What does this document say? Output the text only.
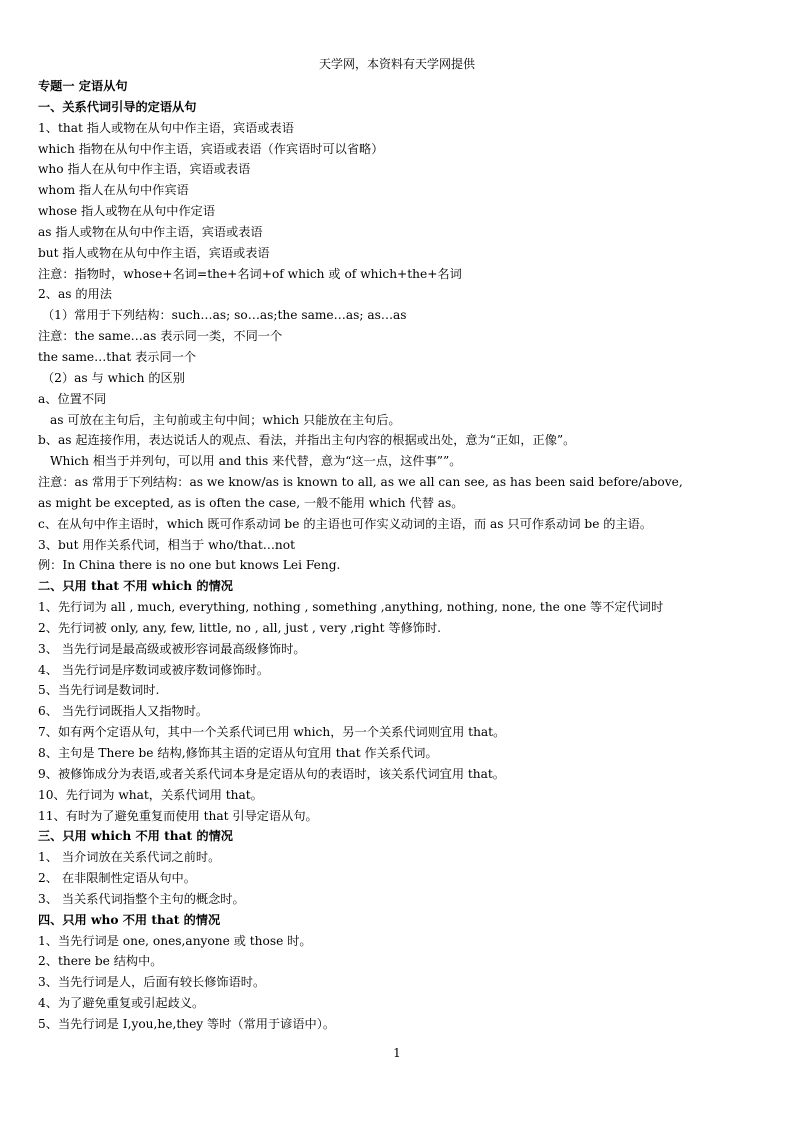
天学网，本资料有天学网提供
专题一 定语从句
一、关系代词引导的定语从句
1、that 指人或物在从句中作主语，宾语或表语
which 指物在从句中作主语，宾语或表语（作宾语时可以省略）
who 指人在从句中作主语，宾语或表语
whom 指人在从句中作宾语
whose 指人或物在从句中作定语
as 指人或物在从句中作主语，宾语或表语
but 指人或物在从句中作主语，宾语或表语
注意：指物时，whose+名词=the+名词+of which 或 of which+the+名词
2、as 的用法
（1）常用于下列结构：such…as; so…as;the same…as; as…as
注意：the same…as 表示同一类，不同一个
the same…that 表示同一个
（2）as 与 which 的区别
a、位置不同
as 可放在主句后，主句前或主句中间；which 只能放在主句后。
b、as 起连接作用，表达说话人的观点、看法，并指出主句内容的根据或出处，意为“正如，正像”。
Which 相当于并列句，可以用 and this 来代替，意为“这一点，这件事””。
注意：as 常用于下列结构：as we know/as is known to all, as we all can see, as has been said before/above,
as might be excepted, as is often the case, 一般不能用 which 代替 as。
c、在从句中作主语时，which 既可作系动词 be 的主语也可作实义动词的主语，而 as 只可作系动词 be 的主语。
3、but 用作关系代词，相当于 who/that…not
例：In China there is no one but knows Lei Feng.
二、只用 that 不用 which 的情况
1、先行词为 all , much, everything, nothing , something ,anything, nothing, none, the one 等不定代词时
2、先行词被 only, any, few, little, no , all, just , very ,right 等修饰时.
3、 当先行词是最高级或被形容词最高级修饰时。
4、 当先行词是序数词或被序数词修饰时。
5、当先行词是数词时.
6、 当先行词既指人又指物时。
7、如有两个定语从句，其中一个关系代词已用 which，另一个关系代词则宜用 that。
8、主句是 There be 结构,修饰其主语的定语从句宜用 that 作关系代词。
9、被修饰成分为表语,或者关系代词本身是定语从句的表语时，该关系代词宜用 that。
10、先行词为 what，关系代词用 that。
11、有时为了避免重复而使用 that 引导定语从句。
三、只用 which 不用 that 的情况
1、 当介词放在关系代词之前时。
2、 在非限制性定语从句中。
3、 当关系代词指整个主句的概念时。
四、只用 who 不用 that 的情况
1、当先行词是 one, ones,anyone 或 those 时。
2、there be 结构中。
3、当先行词是人，后面有较长修饰语时。
4、为了避免重复或引起歧义。
5、当先行词是 I,you,he,they 等时（常用于谚语中）。
1
